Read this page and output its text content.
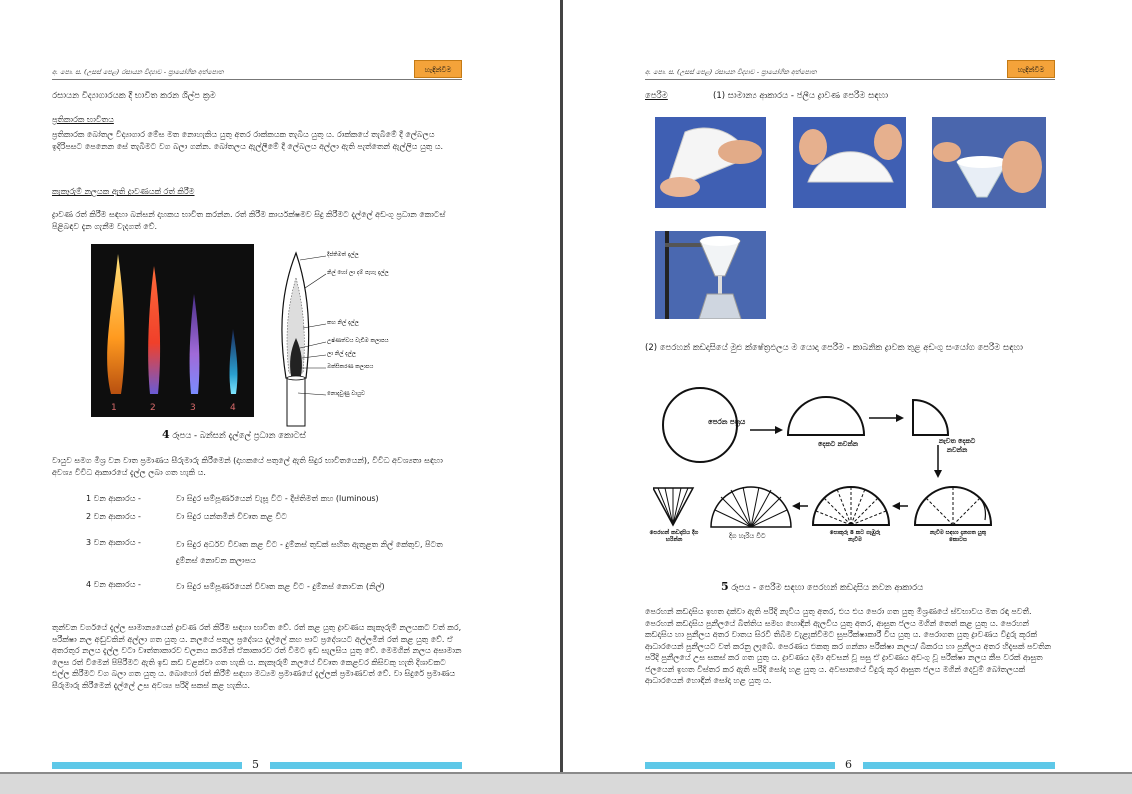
අ. පො. ස. (උසස් පෙළ) රසායන විද්‍යාව - ප්‍රායෝගික අත්පොත	හැඳින්වීම
රසායන විද්‍යාගාරයක දී භාවිත කරන ශිල්ප ක්‍රම
ප්‍රතිකාරක භාවිතය
ප්‍රතිකාරක බෝතල විද්‍යාගාර මේස මත නොහැකිය යුතු අතර රාක්කයක තැබිය යුතු ය. රාක්කයේ තැබීමේ දී ලේබලය ඉදිරිපසට පෙනෙන සේ තැබීමට වග බලා ගන්න. බෝතලය ඇල්ලීමේ දී ලේබලය අල්ලා ඇති පැත්තෙන් ඇල්ලිය යුතු ය.
කැකෑරුම් නලයක ඇති ද්‍රාවණයක් රත් කිරීම
ද්‍රාවණ රත් කිරීම සඳහා බන්සන් දාහකය භාවිත කරන්න. රත් කිරීම කාර්යක්ෂමව සිදු කිරීමට දැල්ලේ අඩංගු ප්‍රධාන කොටස් පිළිබඳව දැන ගැනීම වැදගත් වේ.
1	2	3	4
දීප්තිමත් දැල්ල
නිල් හෝ ලා දම් පැහැ දැල්ල
කහ නිල් දැල්ල
උෂ්ණත්වය වැඩිම කලාපය
ලා නිල් දැල්ල
ඔක්සිකරණ කලාපය
නොදැවුණු වායුව
4 රූපය - බන්සන් දැල්ලේ ප්‍රධාන කොටස්
වායුව සමග මිශ්‍ර වන වාත ප්‍රමාණය සීරුමාරු කිරීමෙන් (දාහකයේ පතුලේ ඇති සිදුර භාවිතයෙන්), විවිධ අවශ්‍යතා සඳහා අවශ්‍ය විවිධ ආකාරයේ දැල්ල ලබා ගත හැකි ය.
1 වන ආකාරය -	වා සිදුර සම්පූර්ණයෙන් වැසූ විට - දීප්තිමත් කහ (luminous)
2 වන ආකාරය -	වා සිදුර යන්තමින් විවෘත කළ විට
3 වන ආකාරය -	වා සිදුර අර්ධව විවෘත කළ විට - දුම්නස් තුඩක් සහිත ඇතුළත නිල් කේතුව, පිටත දුම්නස් නොවන කලාපය
4 වන ආකාරය -	වා සිදුර සම්පූර්ණයෙන් විවෘත කළ විට - දුම්නස් නොවන (නිල්)
තුන්වන වර්ගයේ දැල්ල සාමාන්‍යයෙන් ද්‍රාවණ රත් කිරීම සඳහා භාවිත වේ. රත් කළ යුතු ද්‍රාවණය කැකෑරුම් නලයකට වත් කර, පරීක්ෂා නල අඬුවකින් අල්ලා ගත යුතු ය. නලයේ පතුල ප්‍රදේශය දැල්ලේ කහ පාට ප්‍රදේශයට අල්ලමින් රත් කළ යුතු වේ. ඒ අතරතුර නලය දැල්ල වටා වෘත්තාකාරව චලනය කරමින් ඒකාකාරව රත් වීමට ඉඩ සැලසිය යුතු වේ. මෙමගින් නලය අසාමාන ලෙස රත් වීමෙන් පිපිරීමට ඇති ඉඩ කඩ වළක්වා ගත හැකි ය. කැකෑරුම් නලයේ විවෘත කෙළවර කිසිවකු හැති දිශාවකට එල්ල කිරීමට වග බලා ගත යුතු ය. බොහෝ රත් කිරීම් සඳහා මධ්‍යම ප්‍රමාණයේ දැල්ලක් ප්‍රමාණවත් වේ. වා සිදුරේ ප්‍රමාණය සීරුමාරු කිරීමෙන් දැල්ලේ උස අවශ්‍ය පරිදි සකස් කළ හැකිය.
5
අ. පො. ස. (උසස් පෙළ) රසායන විද්‍යාව - ප්‍රායෝගික අත්පොත	හැඳින්වීම
පෙරීම	(1) සාමාන්‍ය ආකාරය - ජලීය ද්‍රාවණ පෙරීම සඳහා
(2) පෙරහන් කඩදාසියේ මුළු ක්ෂේත්‍රඵලය ම යොදා පෙරීම - කාබනික ද්‍රාවක තුළ අඩංගු සංයෝග පෙරීම සඳහා
පෙරන පත්‍රය
දෙකට නවන්න	නැවත දෙකට නවන්න
පෙරහන් කඩදාසිය දිග හරින්න	දිග හැරිය විට	පොකුරු 8 කට ගැඹුරු නැවීම
නැවීම සඳහා දැනගත යුතු කොටස
5 රූපය - පෙරීම සඳහා පෙරහන් කඩදාසිය නවන ආකාරය
පෙරහන් කඩදාසිය ඉහත දක්වා ඇති පරිදි නැවිය යුතු අතර, එය එය පෙරා ගත යුතු මිශ්‍රණයේ ස්වභාවය මත රඳා පවතී. පෙරහන් කඩදාසිය පුනීලයේ බිත්තිය සමඟ හොඳින් ඇලවිය යුතු අතර, ආසුත ජලය මගින් තෙත් කළ යුතු ය. පෙරහන් කඩදාසිය හා පුනීලය අතර වාතය සිරවී තිබීම වැළැක්වීමට සුපරීක්ෂාකාරී විය යුතු ය. පෙරාගත යුතු ද්‍රාවණය වීදුරු කූරක් ආධාරයෙන් පුනීලයට වත් කරනු ලැබේ. පෙරණය එකතු කර ගන්නා පරීක්ෂා නලය/ බීකරය හා පුනීලය අතර හිදැසක් පවතින පරිදි පුනීලයේ උස සකස් කර ගත යුතු ය. ද්‍රාවණය දමා අවසන් වූ පසු ඒ ද්‍රාවණය අඩංගු වූ පරීක්ෂා නලය කීප වරක් ආසුත ජලයෙන් ඉහත විස්තර කර ඇති පරිදි සෝදා හළ යුතු ය. අවසානයේ වීදුරු කූර ආසුත ජලය මගින් දෙවුම් බෝතලයක් ආධාරයෙන් හොඳින් සෝදා හළ යුතු ය.
6
